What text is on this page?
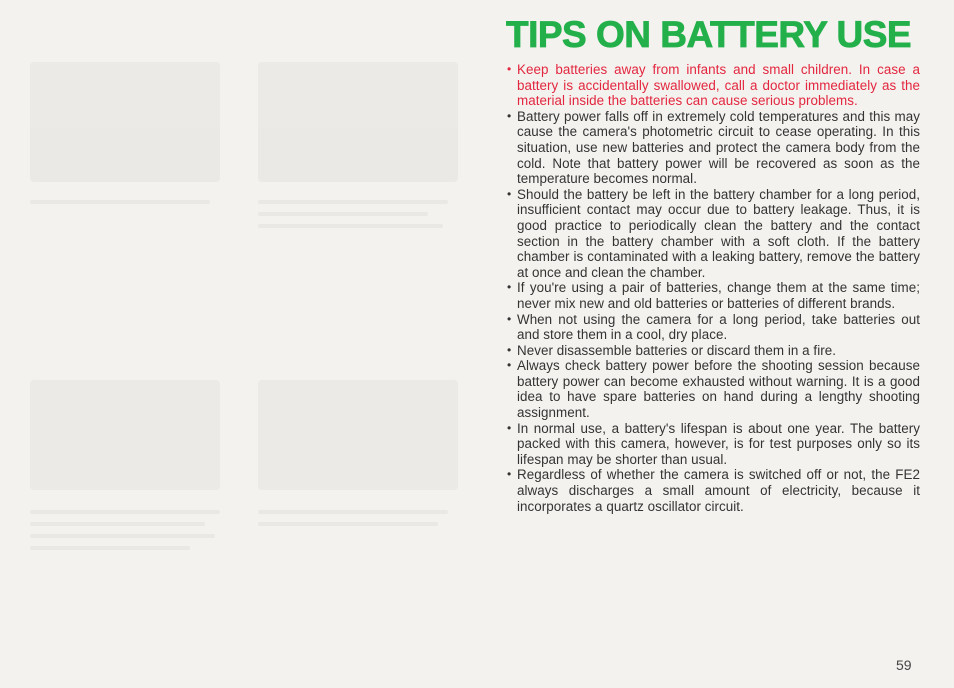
TIPS ON BATTERY USE
• Keep batteries away from infants and small children. In case a battery is accidentally swallowed, call a doctor immediately as the material inside the batteries can cause serious problems.
• Battery power falls off in extremely cold temperatures and this may cause the camera's photometric circuit to cease operating. In this situation, use new batteries and protect the camera body from the cold. Note that battery power will be recovered as soon as the temperature becomes normal.
• Should the battery be left in the battery chamber for a long period, insufficient contact may occur due to battery leakage. Thus, it is good practice to periodically clean the battery and the contact section in the battery chamber with a soft cloth. If the battery chamber is contaminated with a leaking battery, remove the battery at once and clean the chamber.
• If you're using a pair of batteries, change them at the same time; never mix new and old batteries or batteries of different brands.
• When not using the camera for a long period, take batteries out and store them in a cool, dry place.
• Never disassemble batteries or discard them in a fire.
• Always check battery power before the shooting session because battery power can become exhausted without warning. It is a good idea to have spare batteries on hand during a lengthy shooting assignment.
• In normal use, a battery's lifespan is about one year. The battery packed with this camera, however, is for test purposes only so its lifespan may be shorter than usual.
• Regardless of whether the camera is switched off or not, the FE2 always discharges a small amount of electricity, because it incorporates a quartz oscillator circuit.
59
